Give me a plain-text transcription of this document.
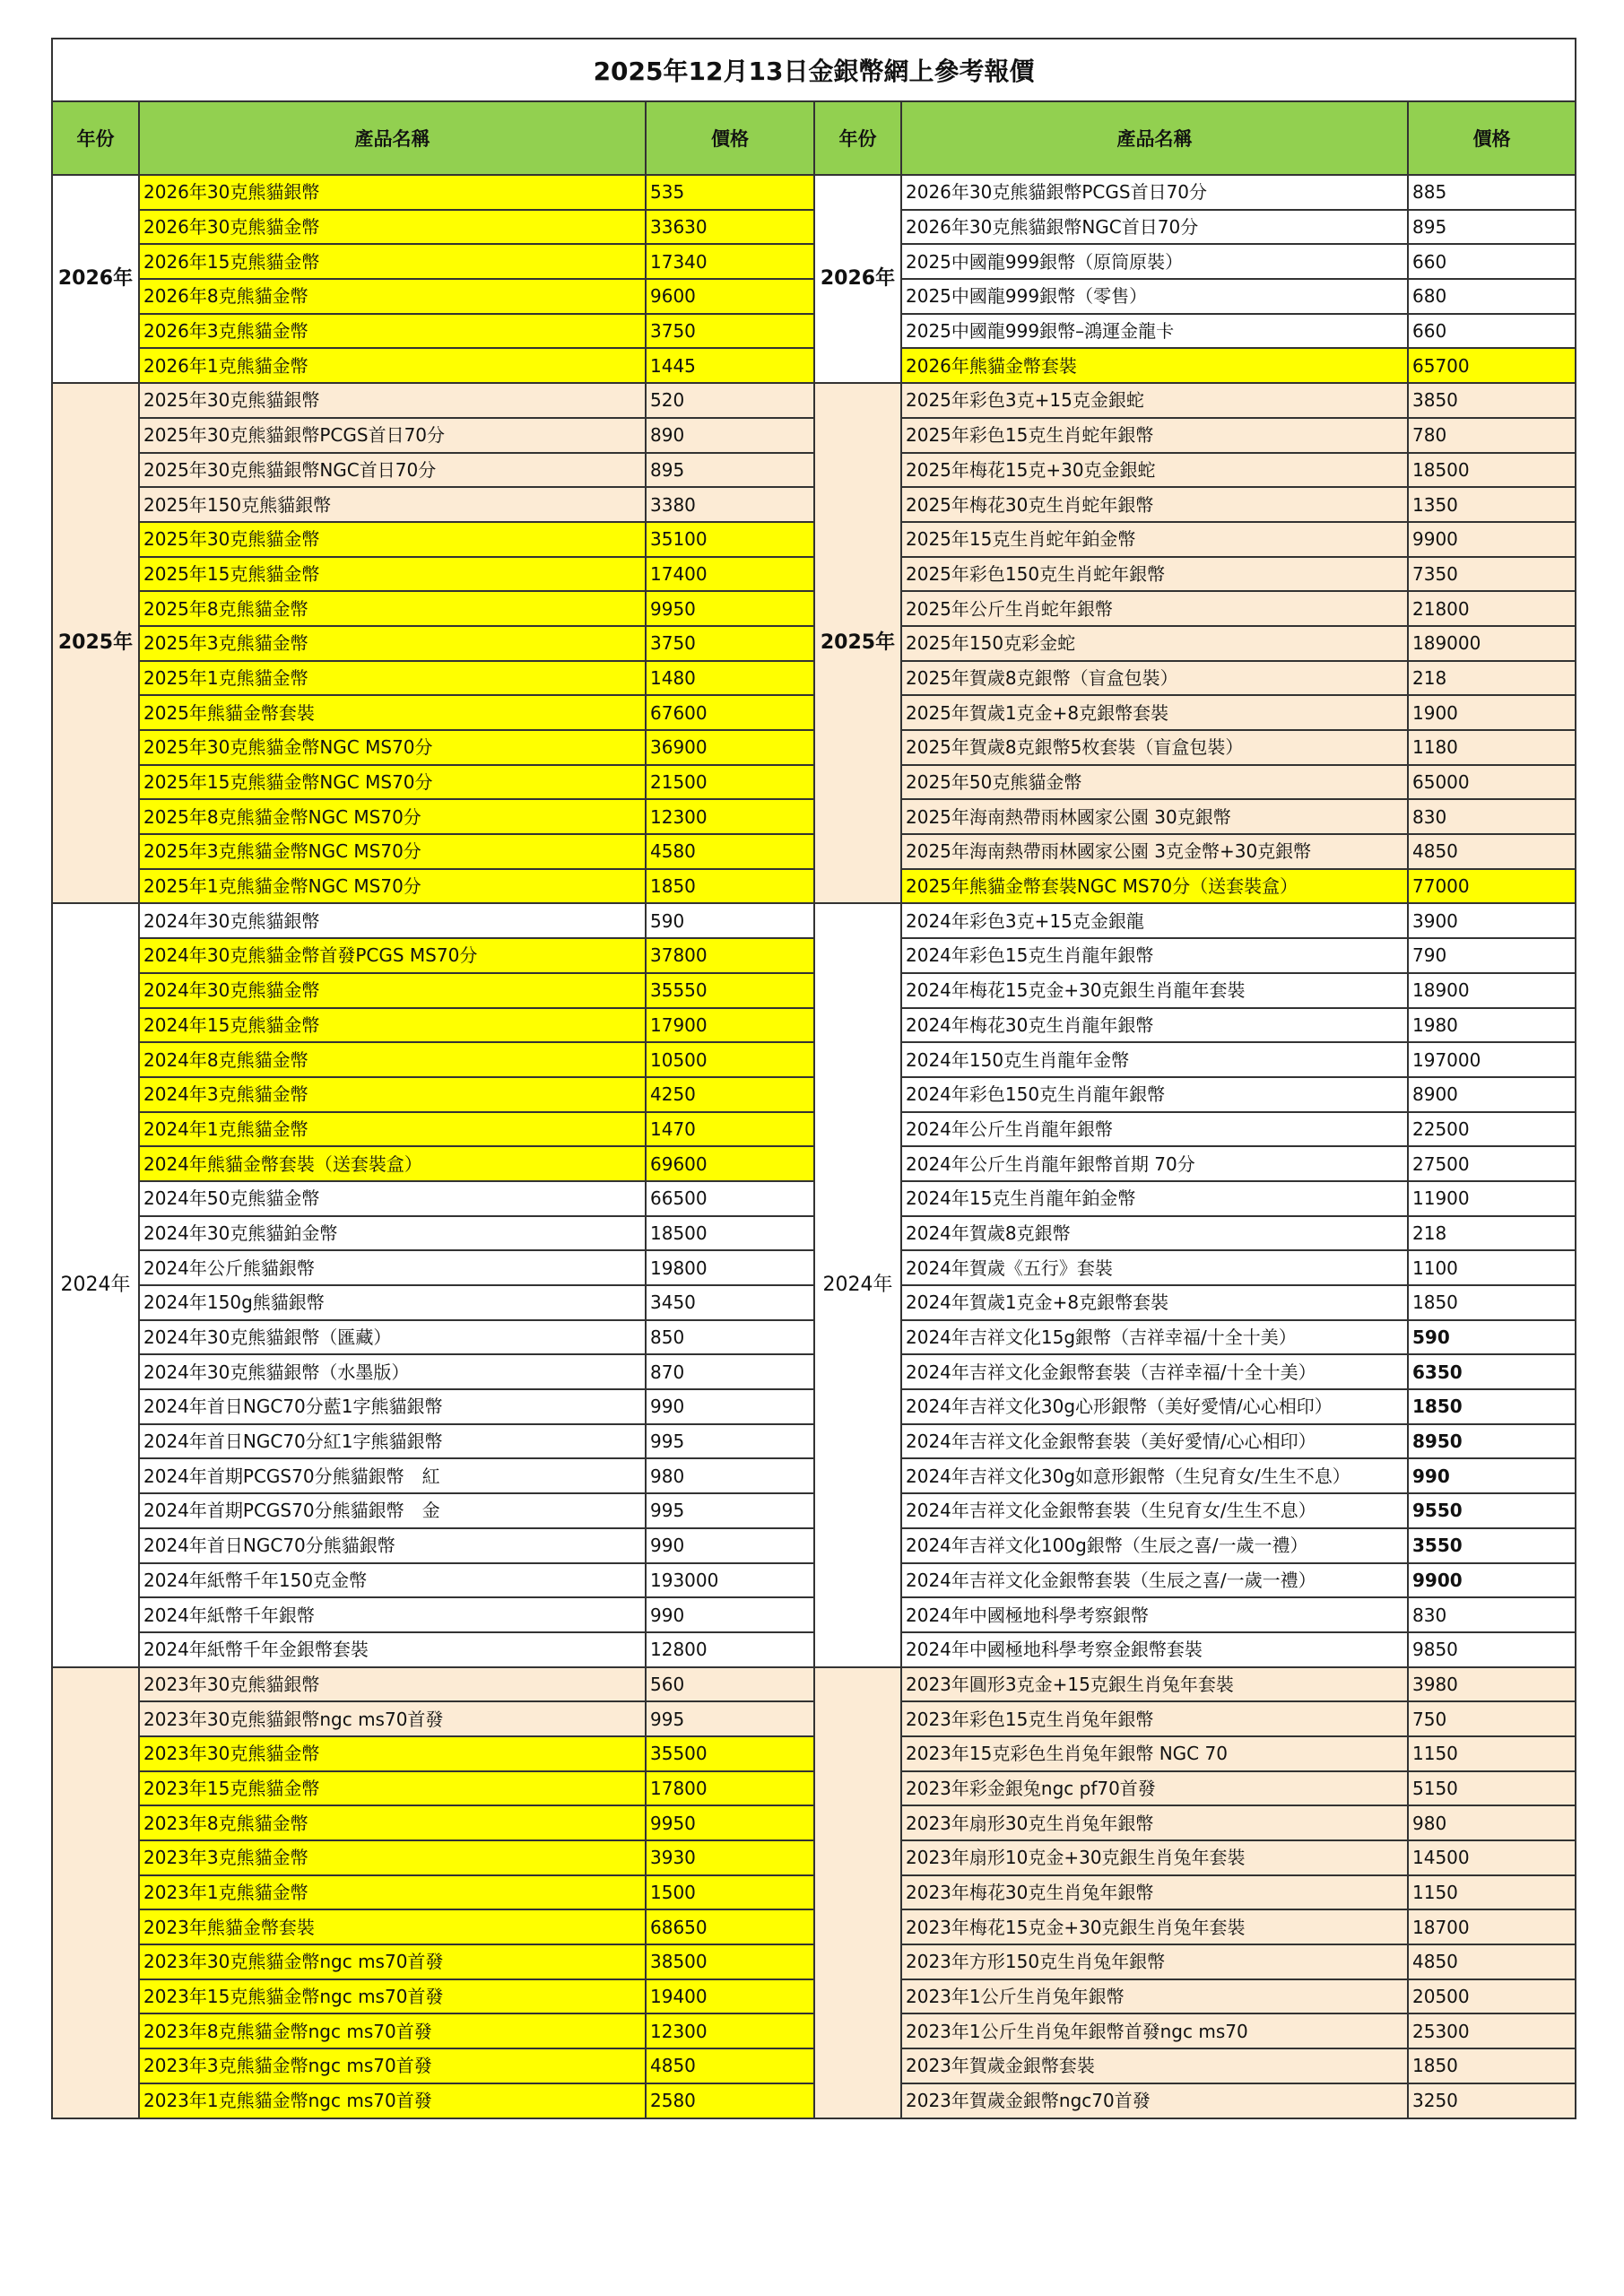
2025年12月13日金銀幣網上參考報價					
年份	產品名稱	價格	年份	產品名稱	價格
2026年	2026年30克熊貓銀幣	535	2026年	2026年30克熊貓銀幣PCGS首日70分	885
	2026年30克熊貓金幣	33630		2026年30克熊貓銀幣NGC首日70分	895
	2026年15克熊貓金幣	17340		2025中國龍999銀幣（原筒原裝）	660
	2026年8克熊貓金幣	9600		2025中國龍999銀幣（零售）	680
	2026年3克熊貓金幣	3750		2025中國龍999銀幣–鴻運金龍卡	660
	2026年1克熊貓金幣	1445		2026年熊貓金幣套裝	65700
2025年	2025年30克熊貓銀幣	520	2025年	2025年彩色3克+15克金銀蛇	3850
	2025年30克熊貓銀幣PCGS首日70分	890		2025年彩色15克生肖蛇年銀幣	780
	2025年30克熊貓銀幣NGC首日70分	895		2025年梅花15克+30克金銀蛇	18500
	2025年150克熊貓銀幣	3380		2025年梅花30克生肖蛇年銀幣	1350
	2025年30克熊貓金幣	35100		2025年15克生肖蛇年鉑金幣	9900
	2025年15克熊貓金幣	17400		2025年彩色150克生肖蛇年銀幣	7350
	2025年8克熊貓金幣	9950		2025年公斤生肖蛇年銀幣	21800
	2025年3克熊貓金幣	3750		2025年150克彩金蛇	189000
	2025年1克熊貓金幣	1480		2025年賀歲8克銀幣（盲盒包裝）	218
	2025年熊貓金幣套裝	67600		2025年賀歲1克金+8克銀幣套裝	1900
	2025年30克熊貓金幣NGC MS70分	36900		2025年賀歲8克銀幣5枚套裝（盲盒包裝）	1180
	2025年15克熊貓金幣NGC MS70分	21500		2025年50克熊貓金幣	65000
	2025年8克熊貓金幣NGC MS70分	12300		2025年海南熱帶雨林國家公園 30克銀幣	830
	2025年3克熊貓金幣NGC MS70分	4580		2025年海南熱帶雨林國家公園 3克金幣+30克銀幣	4850
	2025年1克熊貓金幣NGC MS70分	1850		2025年熊貓金幣套裝NGC MS70分（送套裝盒）	77000
2024年	2024年30克熊貓銀幣	590	2024年	2024年彩色3克+15克金銀龍	3900
	2024年30克熊貓金幣首發PCGS MS70分	37800		2024年彩色15克生肖龍年銀幣	790
	2024年30克熊貓金幣	35550		2024年梅花15克金+30克銀生肖龍年套裝	18900
	2024年15克熊貓金幣	17900		2024年梅花30克生肖龍年銀幣	1980
	2024年8克熊貓金幣	10500		2024年150克生肖龍年金幣	197000
	2024年3克熊貓金幣	4250		2024年彩色150克生肖龍年銀幣	8900
	2024年1克熊貓金幣	1470		2024年公斤生肖龍年銀幣	22500
	2024年熊貓金幣套裝（送套裝盒）	69600		2024年公斤生肖龍年銀幣首期 70分	27500
	2024年50克熊貓金幣	66500		2024年15克生肖龍年鉑金幣	11900
	2024年30克熊貓鉑金幣	18500		2024年賀歲8克銀幣	218
	2024年公斤熊貓銀幣	19800		2024年賀歲《五行》套裝	1100
	2024年150g熊貓銀幣	3450		2024年賀歲1克金+8克銀幣套裝	1850
	2024年30克熊貓銀幣（匯藏）	850		2024年吉祥文化15g銀幣（吉祥幸福/十全十美）	590
	2024年30克熊貓銀幣（水墨版）	870		2024年吉祥文化金銀幣套裝（吉祥幸福/十全十美）	6350
	2024年首日NGC70分藍1字熊貓銀幣	990		2024年吉祥文化30g心形銀幣（美好愛情/心心相印）	1850
	2024年首日NGC70分紅1字熊貓銀幣	995		2024年吉祥文化金銀幣套裝（美好愛情/心心相印）	8950
	2024年首期PCGS70分熊貓銀幣　紅	980		2024年吉祥文化30g如意形銀幣（生兒育女/生生不息）	990
	2024年首期PCGS70分熊貓銀幣　金	995		2024年吉祥文化金銀幣套裝（生兒育女/生生不息）	9550
	2024年首日NGC70分熊貓銀幣	990		2024年吉祥文化100g銀幣（生辰之喜/一歲一禮）	3550
	2024年紙幣千年150克金幣	193000		2024年吉祥文化金銀幣套裝（生辰之喜/一歲一禮）	9900
	2024年紙幣千年銀幣	990		2024年中國極地科學考察銀幣	830
	2024年紙幣千年金銀幣套裝	12800		2024年中國極地科學考察金銀幣套裝	9850
	2023年30克熊貓銀幣	560		2023年圓形3克金+15克銀生肖兔年套裝	3980
	2023年30克熊貓銀幣ngc ms70首發	995		2023年彩色15克生肖兔年銀幣	750
	2023年30克熊貓金幣	35500		2023年15克彩色生肖兔年銀幣 NGC 70	1150
	2023年15克熊貓金幣	17800		2023年彩金銀兔ngc pf70首發	5150
	2023年8克熊貓金幣	9950		2023年扇形30克生肖兔年銀幣	980
	2023年3克熊貓金幣	3930		2023年扇形10克金+30克銀生肖兔年套裝	14500
	2023年1克熊貓金幣	1500		2023年梅花30克生肖兔年銀幣	1150
	2023年熊貓金幣套裝	68650		2023年梅花15克金+30克銀生肖兔年套裝	18700
	2023年30克熊貓金幣ngc ms70首發	38500		2023年方形150克生肖兔年銀幣	4850
	2023年15克熊貓金幣ngc ms70首發	19400		2023年1公斤生肖兔年銀幣	20500
	2023年8克熊貓金幣ngc ms70首發	12300		2023年1公斤生肖兔年銀幣首發ngc ms70	25300
	2023年3克熊貓金幣ngc ms70首發	4850		2023年賀歲金銀幣套裝	1850
	2023年1克熊貓金幣ngc ms70首發	2580		2023年賀歲金銀幣ngc70首發	3250
